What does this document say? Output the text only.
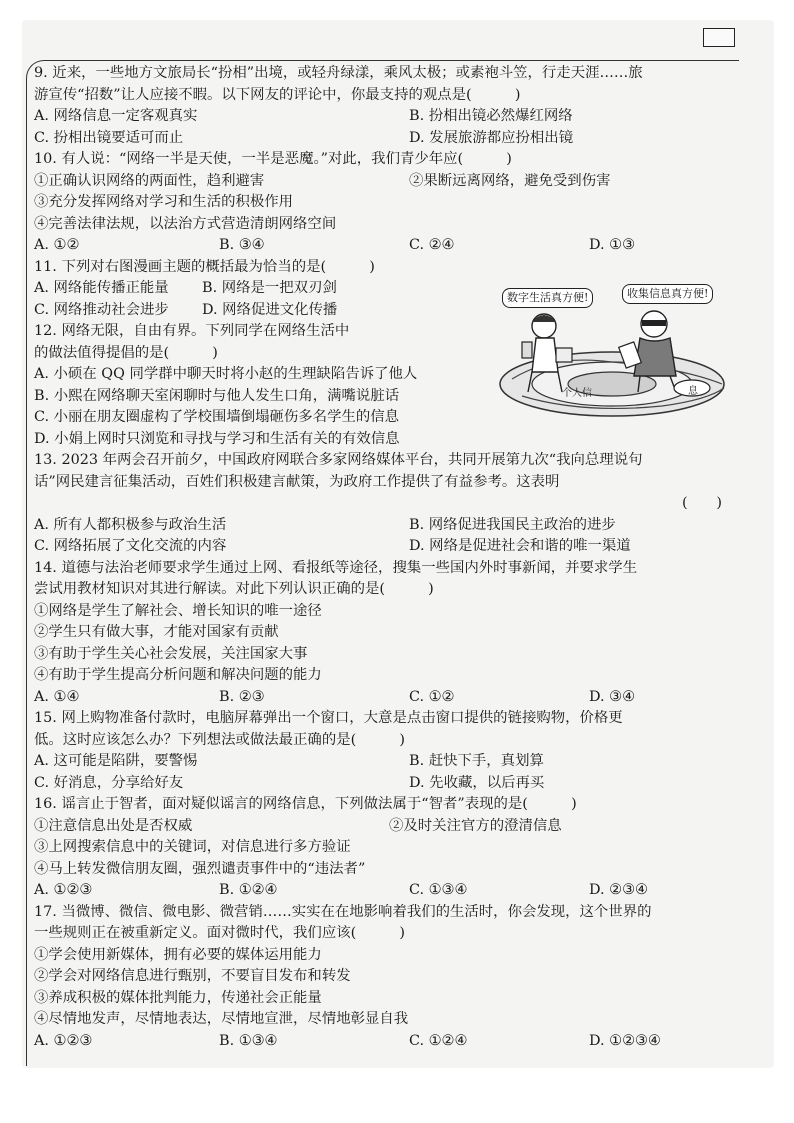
9. 近来，一些地方文旅局长“扮相”出境，或轻舟绿漾，乘风太极；或素袍斗笠，行走天涯……旅

游宣传“招数”让人应接不暇。以下网友的评论中，你最支持的观点是(　　　)

A. 网络信息一定客观真实	B. 扮相出镜必然爆红网络
C. 扮相出镜要适可而止	D. 发展旅游都应扮相出镜

10. 有人说：“网络一半是天使，一半是恶魔。”对此，我们青少年应(　　　)

①正确认识网络的两面性，趋利避害	②果断远离网络，避免受到伤害

③充分发挥网络对学习和生活的积极作用

④完善法律法规，以法治方式营造清朗网络空间

A. ①②	B. ③④	C. ②④	D. ①③

11. 下列对右图漫画主题的概括最为恰当的是(　　　)

A. 网络能传播正能量 B. 网络是一把双刃剑
C. 网络推动社会进步 D. 网络促进文化传播

12. 网络无限，自由有界。下列同学在网络生活中

的做法值得提倡的是(　　　)

A. 小硕在 QQ 同学群中聊天时将小赵的生理缺陷告诉了他人

B. 小熙在网络聊天室闲聊时与他人发生口角，满嘴说脏话

C. 小丽在朋友圈虚构了学校围墙倒塌砸伤多名学生的信息

D. 小娟上网时只浏览和寻找与学习和生活有关的有效信息

13. 2023 年两会召开前夕，中国政府网联合多家网络媒体平台，共同开展第九次“我向总理说句

话”网民建言征集活动，百姓们积极建言献策，为政府工作提供了有益参考。这表明

(　　)

A. 所有人都积极参与政治生活	B. 网络促进我国民主政治的进步
C. 网络拓展了文化交流的内容	D. 网络是促进社会和谐的唯一渠道

14. 道德与法治老师要求学生通过上网、看报纸等途径，搜集一些国内外时事新闻，并要求学生

尝试用教材知识对其进行解读。对此下列认识正确的是(　　　)

①网络是学生了解社会、增长知识的唯一途径

②学生只有做大事，才能对国家有贡献

③有助于学生关心社会发展，关注国家大事

④有助于学生提高分析问题和解决问题的能力

A. ①④	B. ②③	C. ①②	D. ③④

15. 网上购物准备付款时，电脑屏幕弹出一个窗口，大意是点击窗口提供的链接购物，价格更

低。这时应该怎么办？下列想法或做法最正确的是(　　　)

A. 这可能是陷阱，要警惕	B. 赶快下手，真划算
C. 好消息，分享给好友	D. 先收藏，以后再买

16. 谣言止于智者，面对疑似谣言的网络信息，下列做法属于“智者”表现的是(　　　)

①注意信息出处是否权威	②及时关注官方的澄清信息

③上网搜索信息中的关键词，对信息进行多方验证

④马上转发微信朋友圈，强烈谴责事件中的“违法者”

A. ①②③	B. ①②④	C. ①③④	D. ②③④

17. 当微博、微信、微电影、微营销……实实在在地影响着我们的生活时，你会发现，这个世界的

一些规则正在被重新定义。面对微时代，我们应该(　　　)

①学会使用新媒体，拥有必要的媒体运用能力

②学会对网络信息进行甄别，不要盲目发布和转发

③养成积极的媒体批判能力，传递社会正能量

④尽情地发声，尽情地表达，尽情地宣泄，尽情地彰显自我

A. ①②③	B. ①③④	C. ①②④	D. ①②③④
数字生活真方便!	收集信息真方便!
个人信	息
